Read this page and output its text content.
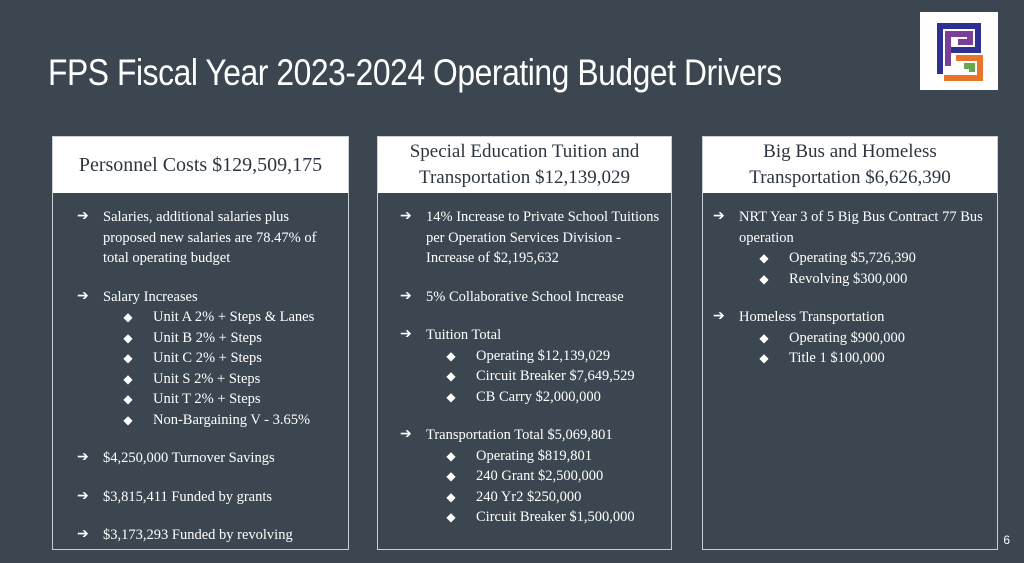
FPS Fiscal Year 2023-2024 Operating Budget Drivers
Personnel Costs $129,509,175
➔ Salaries, additional salaries plus proposed new salaries are 78.47% of total operating budget
➔ Salary Increases
◆	Unit A 2% + Steps & Lanes
◆	Unit B 2% + Steps
◆	Unit C 2% + Steps
◆	Unit S 2% + Steps
◆	Unit T 2% + Steps
◆	Non-Bargaining V - 3.65%
➔ $4,250,000 Turnover Savings
➔ $3,815,411 Funded by grants
➔ $3,173,293 Funded by revolving
Special Education Tuition and Transportation $12,139,029
➔ 14% Increase to Private School Tuitions per Operation Services Division - Increase of $2,195,632
➔ 5% Collaborative School Increase
➔ Tuition Total
◆	Operating $12,139,029
◆	Circuit Breaker $7,649,529
◆	CB Carry $2,000,000
➔ Transportation Total $5,069,801
◆	Operating $819,801
◆	240 Grant $2,500,000
◆	240 Yr2 $250,000
◆	Circuit Breaker $1,500,000
Big Bus and Homeless Transportation $6,626,390
➔ NRT Year 3 of 5 Big Bus Contract 77 Bus operation
◆	Operating $5,726,390
◆	Revolving $300,000
➔ Homeless Transportation
◆	Operating $900,000
◆	Title 1 $100,000
6
